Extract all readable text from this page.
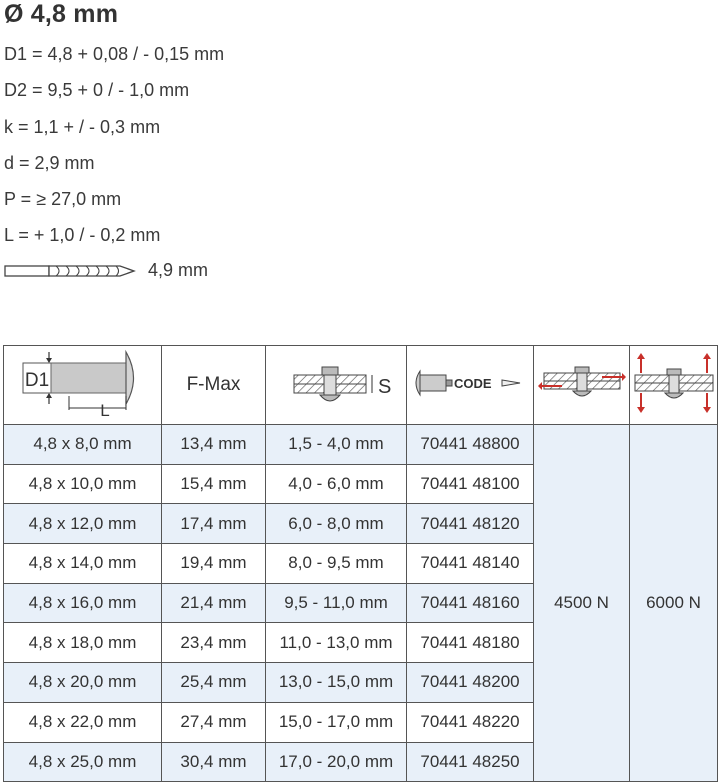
Ø 4,8 mm
D1 = 4,8 + 0,08 / - 0,15 mm
D2 = 9,5 + 0 / - 1,0 mm
k = 1,1 + / - 0,3 mm
d = 2,9 mm
P = ≥ 27,0 mm
L = + 1,0 / - 0,2 mm
4,9 mm
D1
L	F-Max	S	CODE

4,8 x 8,0 mm	13,4 mm	1,5 - 4,0 mm	70441 48800	4500 N	6000 N
4,8 x 10,0 mm	15,4 mm	4,0 - 6,0 mm	70441 48100		
4,8 x 12,0 mm	17,4 mm	6,0 - 8,0 mm	70441 48120		
4,8 x 14,0 mm	19,4 mm	8,0 - 9,5 mm	70441 48140		
4,8 x 16,0 mm	21,4 mm	9,5 - 11,0 mm	70441 48160		
4,8 x 18,0 mm	23,4 mm	11,0 - 13,0 mm	70441 48180		
4,8 x 20,0 mm	25,4 mm	13,0 - 15,0 mm	70441 48200		
4,8 x 22,0 mm	27,4 mm	15,0 - 17,0 mm	70441 48220		
4,8 x 25,0 mm	30,4 mm	17,0 - 20,0 mm	70441 48250		
